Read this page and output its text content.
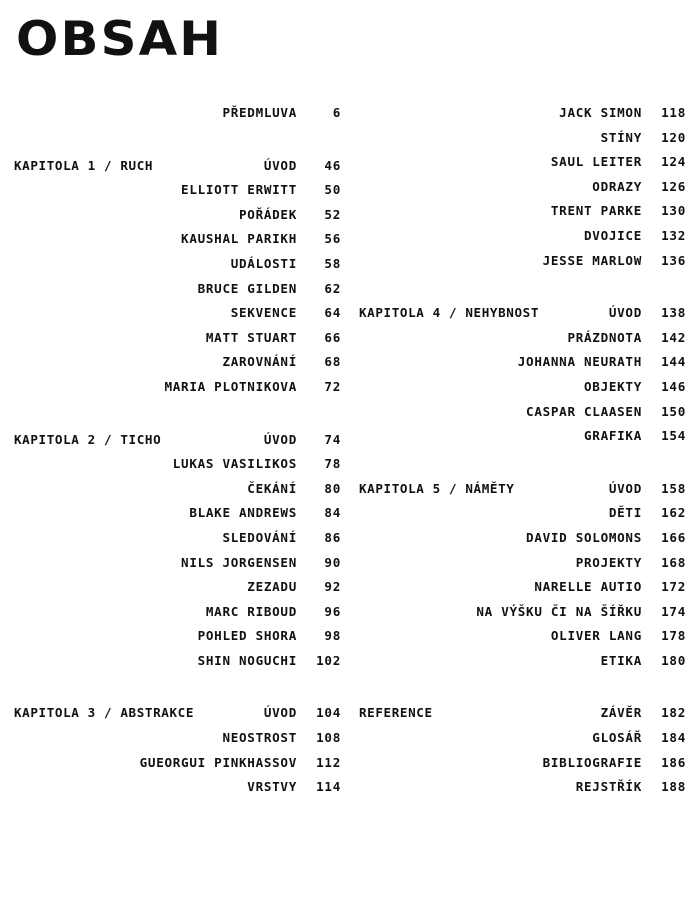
OBSAH
PŘEDMLUVA	6
KAPITOLA 1 / RUCH	ÚVOD	46
ELLIOTT ERWITT	50
POŘÁDEK	52
KAUSHAL PARIKH	56
UDÁLOSTI	58
BRUCE GILDEN	62
SEKVENCE	64
MATT STUART	66
ZAROVNÁNÍ	68
MARIA PLOTNIKOVA	72
KAPITOLA 2 / TICHO	ÚVOD	74
LUKAS VASILIKOS	78
ČEKÁNÍ	80
BLAKE ANDREWS	84
SLEDOVÁNÍ	86
NILS JORGENSEN	90
ZEZADU	92
MARC RIBOUD	96
POHLED SHORA	98
SHIN NOGUCHI	102
KAPITOLA 3 / ABSTRAKCE	ÚVOD	104
NEOSTROST	108
GUEORGUI PINKHASSOV	112
VRSTVY	114
JACK SIMON	118
STÍNY	120
SAUL LEITER	124
ODRAZY	126
TRENT PARKE	130
DVOJICE	132
JESSE MARLOW	136
KAPITOLA 4 / NEHYBNOST	ÚVOD	138
PRÁZDNOTA	142
JOHANNA NEURATH	144
OBJEKTY	146
CASPAR CLAASEN	150
GRAFIKA	154
KAPITOLA 5 / NÁMĚTY	ÚVOD	158
DĚTI	162
DAVID SOLOMONS	166
PROJEKTY	168
NARELLE AUTIO	172
NA VÝŠKU ČI NA ŠÍŘKU	174
OLIVER LANG	178
ETIKA	180
REFERENCE	ZÁVĚR	182
GLOSÁŘ	184
BIBLIOGRAFIE	186
REJSTŘÍK	188
